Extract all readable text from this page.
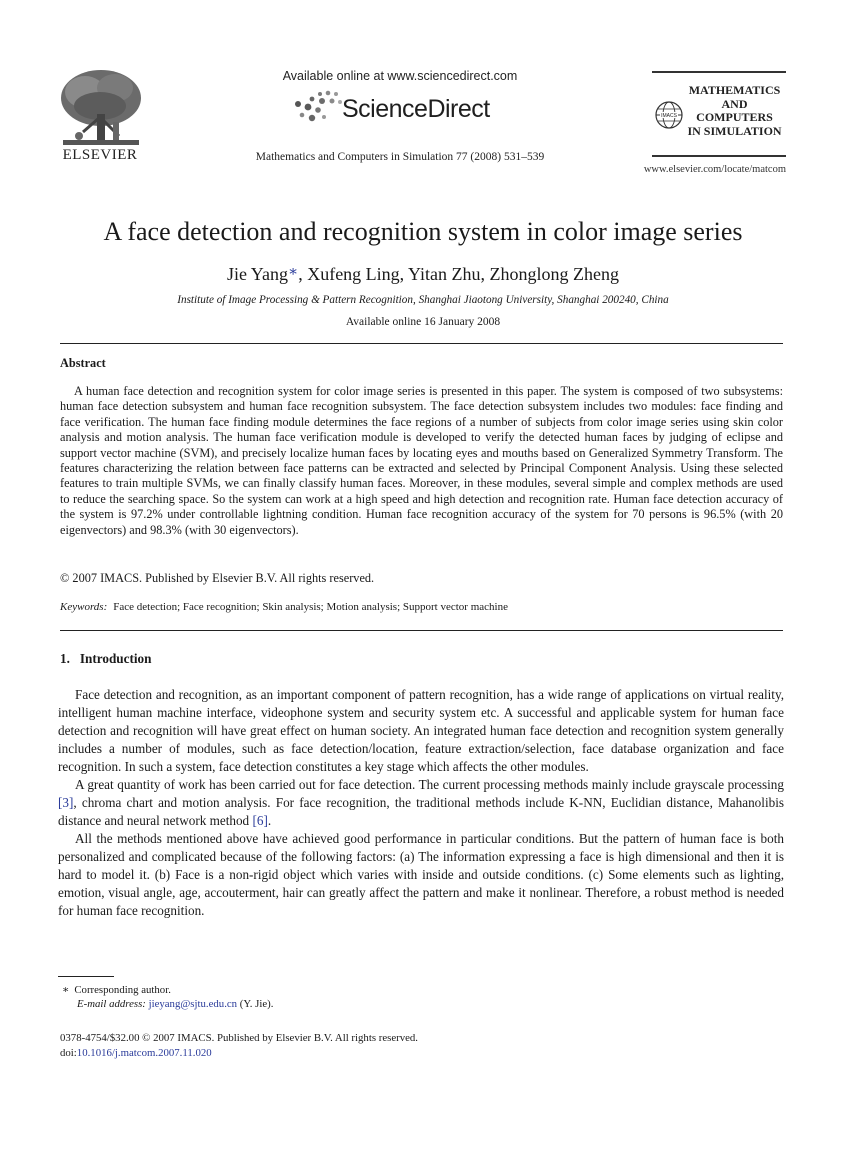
ELSEVIER
Available online at www.sciencedirect.com
ScienceDirect
Mathematics and Computers in Simulation 77 (2008) 531–539
IMACS
MATHEMATICS
AND
COMPUTERS
IN SIMULATION
www.elsevier.com/locate/matcom
A face detection and recognition system in color image series
Jie Yang∗, Xufeng Ling, Yitan Zhu, Zhonglong Zheng
Institute of Image Processing & Pattern Recognition, Shanghai Jiaotong University, Shanghai 200240, China
Available online 16 January 2008
Abstract

A human face detection and recognition system for color image series is presented in this paper. The system is composed of two subsystems: human face detection subsystem and human face recognition subsystem. The face detection subsystem includes two modules: face finding and face verification. The human face finding module determines the face regions of a number of subjects from color image series using skin color analysis and motion analysis. The human face verification module is developed to verify the detected human faces by judging of eclipse and support vector machine (SVM), and precisely localize human faces by locating eyes and mouths based on Generalized Symmetry Transform. The features characterizing the relation between face patterns can be extracted and selected by Principal Component Analysis. Using these selected features to train multiple SVMs, we can finally classify human faces. Moreover, in these modules, several simple and complex methods are used to reduce the searching space. So the system can work at a high speed and high detection and recognition rate. Human face detection accuracy of the system is 97.2% under controllable lightning condition. Human face recognition accuracy of the system for 70 persons is 96.5% (with 20 eigenvectors) and 98.3% (with 30 eigenvectors).

© 2007 IMACS. Published by Elsevier B.V. All rights reserved.
Keywords: Face detection; Face recognition; Skin analysis; Motion analysis; Support vector machine
1. Introduction

Face detection and recognition, as an important component of pattern recognition, has a wide range of applications on virtual reality, intelligent human machine interface, videophone system and security system etc. A successful and applicable system for human face detection and recognition will have great effect on human society. An integrated human face detection and recognition system generally includes a number of modules, such as face detection/location, feature extraction/selection, face database organization and face recognition. In such a system, face detection constitutes a key stage which affects the other modules.

A great quantity of work has been carried out for face detection. The current processing methods mainly include grayscale processing [3], chroma chart and motion analysis. For face recognition, the traditional methods include K-NN, Euclidian distance, Mahanolibis distance and neural network method [6].

All the methods mentioned above have achieved good performance in particular conditions. But the pattern of human face is both personalized and complicated because of the following factors: (a) The information expressing a face is high dimensional and then it is hard to model it. (b) Face is a non-rigid object which varies with inside and outside conditions. (c) Some elements such as lighting, emotion, visual angle, age, accouterment, hair can greatly affect the pattern and make it nonlinear. Therefore, a robust method is needed for human face recognition.

∗ Corresponding author.
E-mail address: jieyang@sjtu.edu.cn (Y. Jie).
0378-4754/$32.00 © 2007 IMACS. Published by Elsevier B.V. All rights reserved.
doi:10.1016/j.matcom.2007.11.020
